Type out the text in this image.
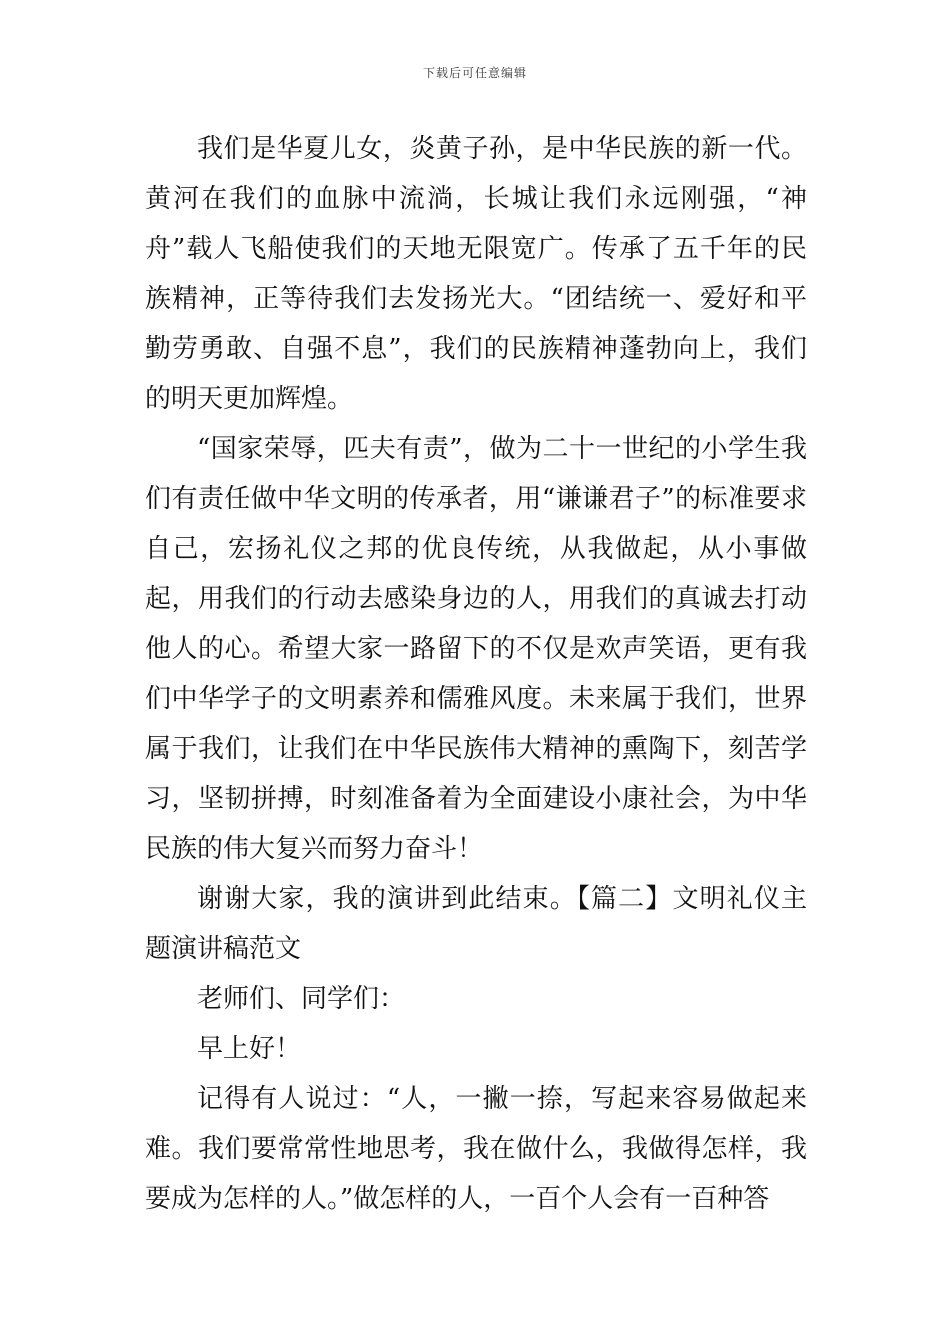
下载后可任意编辑

我们是华夏儿女，炎黄子孙，是中华民族的新一代。黄河在我们的血脉中流淌，长城让我们永远刚强，“神舟”载人飞船使我们的天地无限宽广。传承了五千年的民族精神，正等待我们去发扬光大。“团结统一、爱好和平勤劳勇敢、自强不息”，我们的民族精神蓬勃向上，我们的明天更加辉煌。

“国家荣辱，匹夫有责”，做为二十一世纪的小学生我们有责任做中华文明的传承者，用“谦谦君子”的标准要求自己，宏扬礼仪之邦的优良传统，从我做起，从小事做起，用我们的行动去感染身边的人，用我们的真诚去打动他人的心。希望大家一路留下的不仅是欢声笑语，更有我们中华学子的文明素养和儒雅风度。未来属于我们，世界属于我们，让我们在中华民族伟大精神的熏陶下，刻苦学习，坚韧拼搏，时刻准备着为全面建设小康社会，为中华民族的伟大复兴而努力奋斗！

谢谢大家，我的演讲到此结束。【篇二】文明礼仪主题演讲稿范文

老师们、同学们：

早上好！

记得有人说过：“人，一撇一捺，写起来容易做起来难。我们要常常性地思考，我在做什么，我做得怎样，我要成为怎样的人。”做怎样的人，一百个人会有一百种答
